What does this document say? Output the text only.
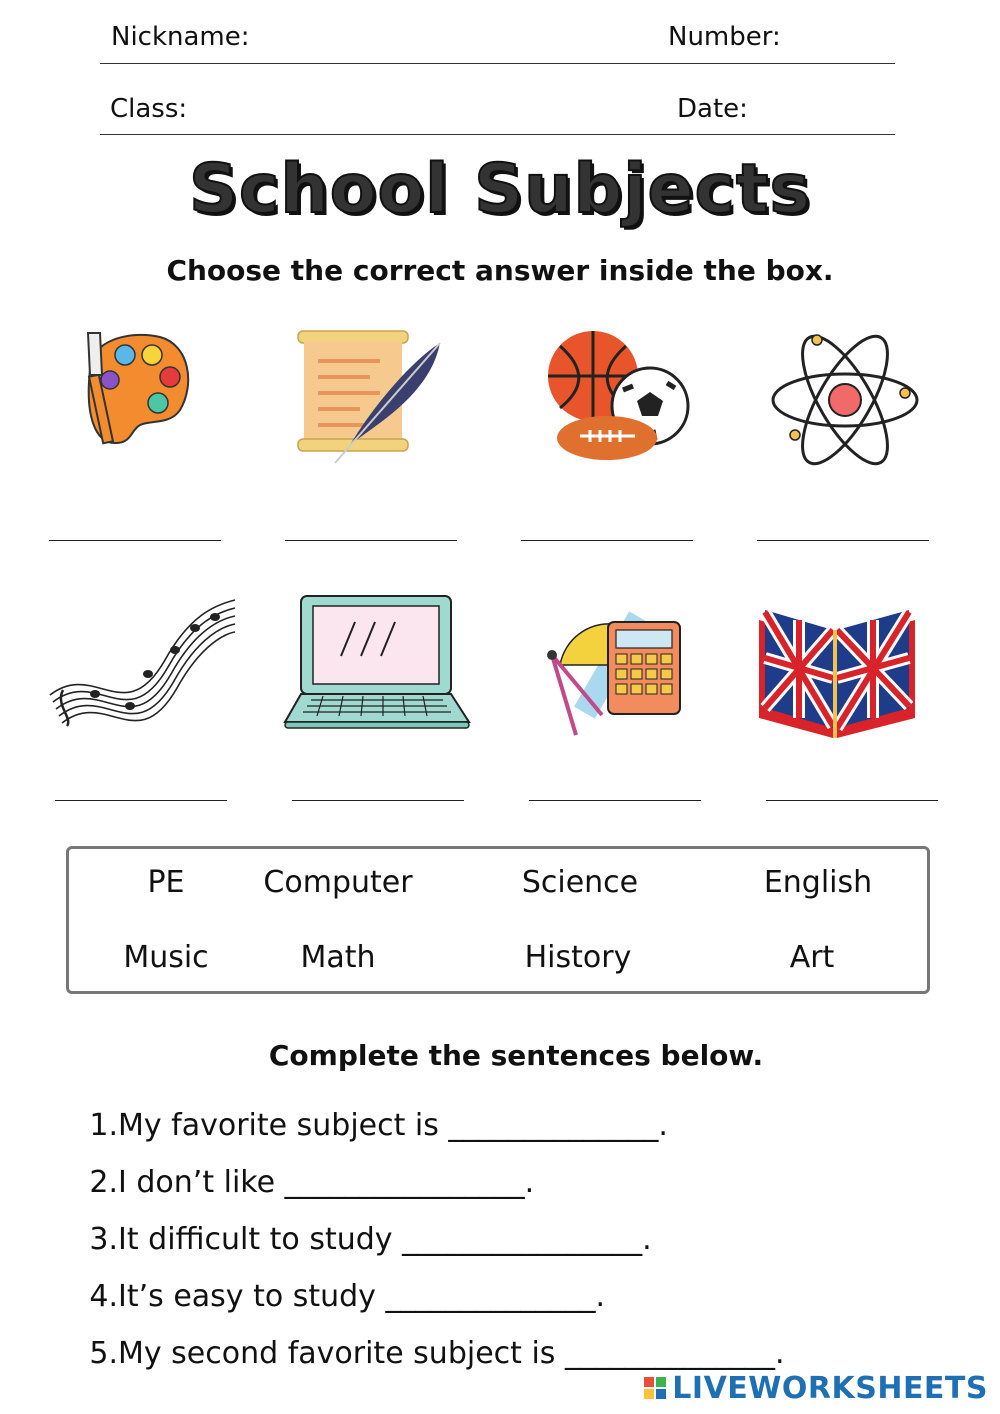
Nickname:	Number:
Class:	Date:
School Subjects
Choose the correct answer inside the box.
PE	Computer	Science	English
Music	Math	History	Art
Complete the sentences below.
1. My favorite subject is ______________.
2. I don’t like ________________.
3. It difficult to study ________________.
4. It’s easy to study ______________.
5. My second favorite subject is ______________.
LIVEWORKSHEETS
